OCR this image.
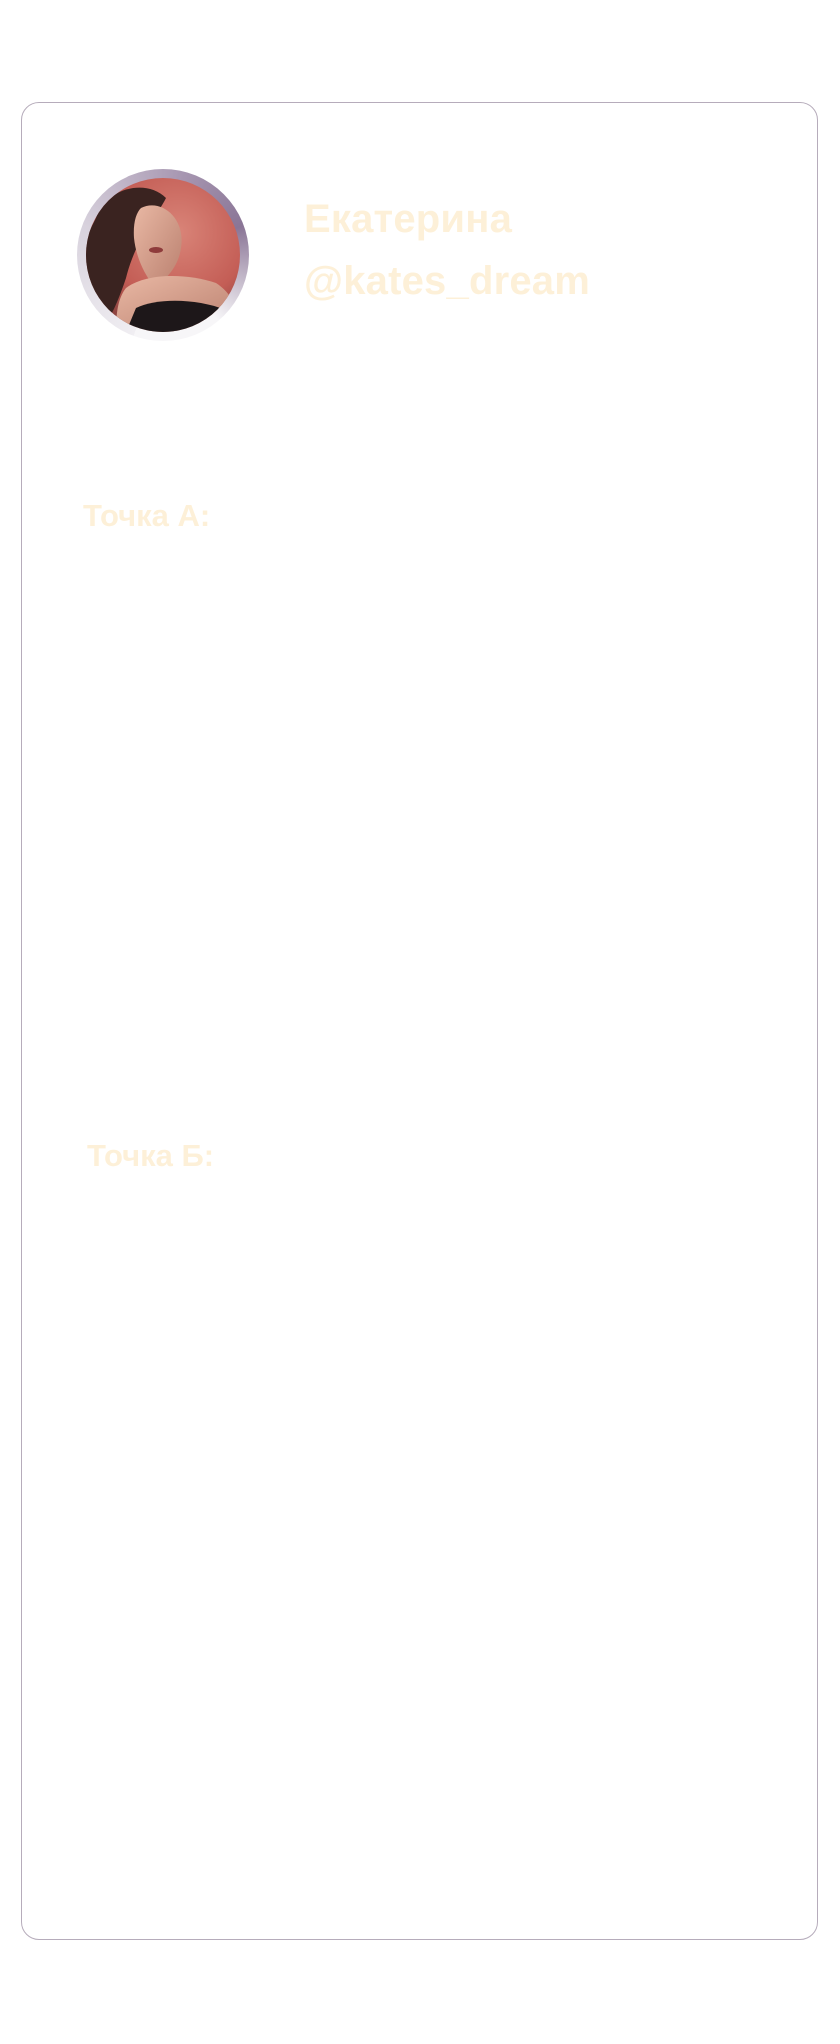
Екатерина
@kates_dream
Точка А:
Точка Б:
